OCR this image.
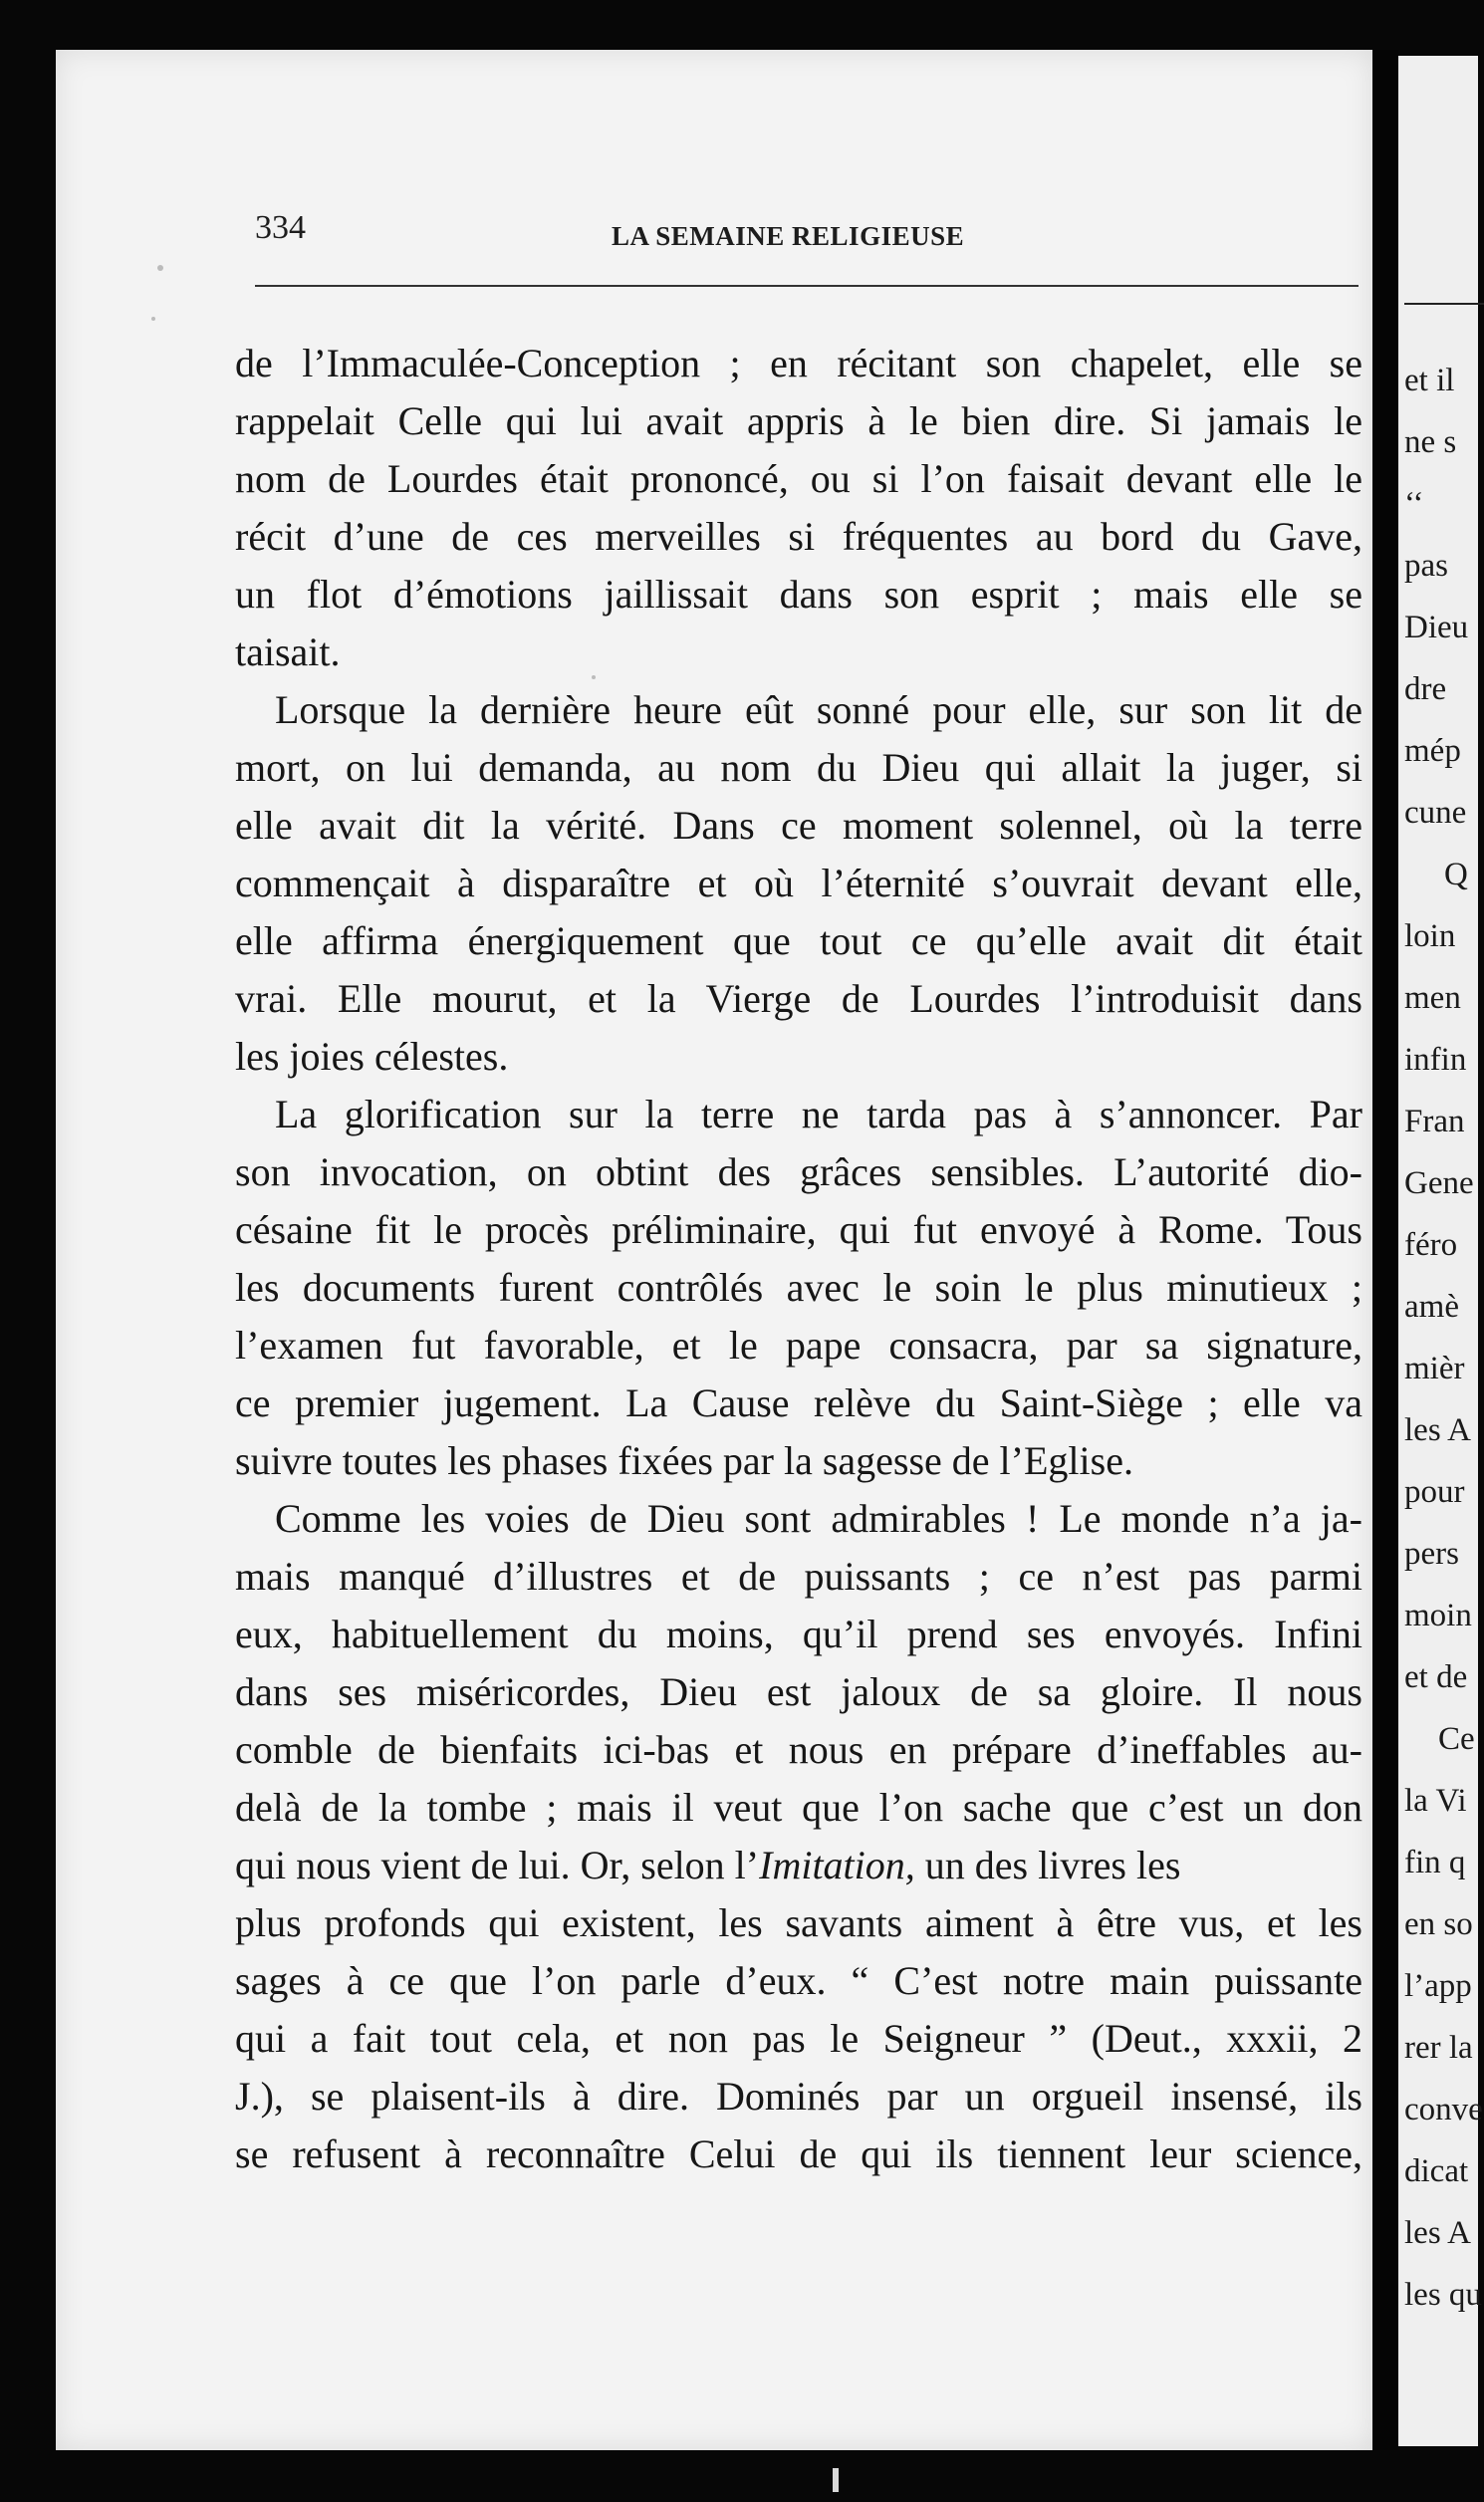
334	LA SEMAINE RELIGIEUSE
de l’Immaculée-Conception ; en récitant son chapelet, elle se
rappelait Celle qui lui avait appris à le bien dire. Si jamais le
nom de Lourdes était prononcé, ou si l’on faisait devant elle le
récit d’une de ces merveilles si fréquentes au bord du Gave,
un flot d’émotions jaillissait dans son esprit ; mais elle se
taisait.
Lorsque la dernière heure eût sonné pour elle, sur son lit de
mort, on lui demanda, au nom du Dieu qui allait la juger, si
elle avait dit la vérité. Dans ce moment solennel, où la terre
commençait à disparaître et où l’éternité s’ouvrait devant elle,
elle affirma énergiquement que tout ce qu’elle avait dit était
vrai. Elle mourut, et la Vierge de Lourdes l’introduisit dans
les joies célestes.
La glorification sur la terre ne tarda pas à s’annoncer. Par
son invocation, on obtint des grâces sensibles. L’autorité dio-
césaine fit le procès préliminaire, qui fut envoyé à Rome. Tous
les documents furent contrôlés avec le soin le plus minutieux ;
l’examen fut favorable, et le pape consacra, par sa signature,
ce premier jugement. La Cause relève du Saint-Siège ; elle va
suivre toutes les phases fixées par la sagesse de l’Eglise.
Comme les voies de Dieu sont admirables ! Le monde n’a ja-
mais manqué d’illustres et de puissants ; ce n’est pas parmi
eux, habituellement du moins, qu’il prend ses envoyés. Infini
dans ses miséricordes, Dieu est jaloux de sa gloire. Il nous
comble de bienfaits ici-bas et nous en prépare d’ineffables au-
delà de la tombe ; mais il veut que l’on sache que c’est un don
qui nous vient de lui. Or, selon l’Imitation, un des livres les
plus profonds qui existent, les savants aiment à être vus, et les
sages à ce que l’on parle d’eux. “ C’est notre main puissante
qui a fait tout cela, et non pas le Seigneur ” (Deut., xxxii, 2
J.), se plaisent-ils à dire. Dominés par un orgueil insensé, ils
se refusent à reconnaître Celui de qui ils tiennent leur science,
et il
ne s
‘‘
pas
Dieu
dre
mép
cune
Q
loin
men
infin
Fran
Gene
féro
amè
mièr
les A
pour
pers
moin
et de
Ce
la Vi
fin q
en so
l’app
rer la
conve
dicat
les A
les qu
